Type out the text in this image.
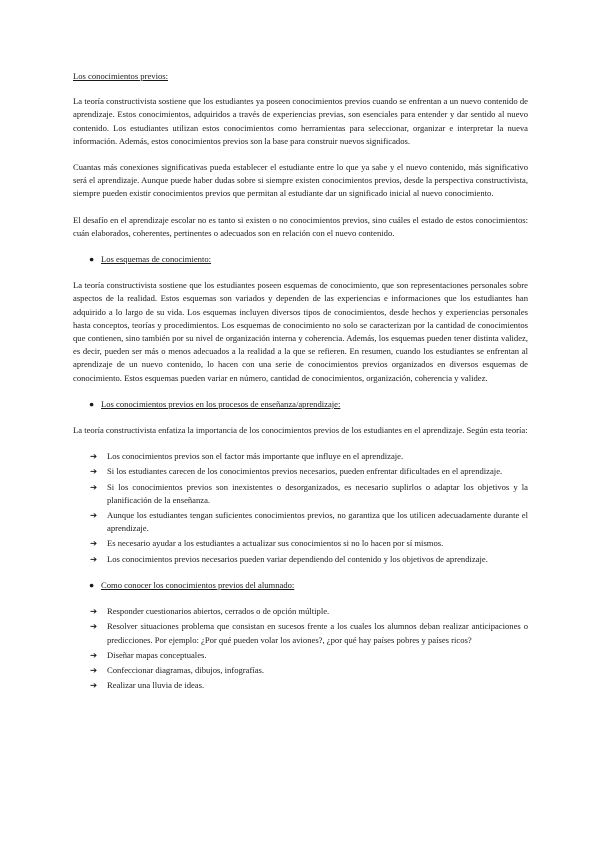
Los conocimientos previos:

La teoría constructivista sostiene que los estudiantes ya poseen conocimientos previos cuando se enfrentan a un nuevo contenido de aprendizaje. Estos conocimientos, adquiridos a través de experiencias previas, son esenciales para entender y dar sentido al nuevo contenido. Los estudiantes utilizan estos conocimientos como herramientas para seleccionar, organizar e interpretar la nueva información. Además, estos conocimientos previos son la base para construir nuevos significados.

Cuantas más conexiones significativas pueda establecer el estudiante entre lo que ya sabe y el nuevo contenido, más significativo será el aprendizaje. Aunque puede haber dudas sobre si siempre existen conocimientos previos, desde la perspectiva constructivista, siempre pueden existir conocimientos previos que permitan al estudiante dar un significado inicial al nuevo conocimiento.

El desafío en el aprendizaje escolar no es tanto si existen o no conocimientos previos, sino cuáles el estado de estos conocimientos: cuán elaborados, coherentes, pertinentes o adecuados son en relación con el nuevo contenido.

● Los esquemas de conocimiento:

La teoría constructivista sostiene que los estudiantes poseen esquemas de conocimiento, que son representaciones personales sobre aspectos de la realidad. Estos esquemas son variados y dependen de las experiencias e informaciones que los estudiantes han adquirido a lo largo de su vida. Los esquemas incluyen diversos tipos de conocimientos, desde hechos y experiencias personales hasta conceptos, teorías y procedimientos. Los esquemas de conocimiento no solo se caracterizan por la cantidad de conocimientos que contienen, sino también por su nivel de organización interna y coherencia. Además, los esquemas pueden tener distinta validez, es decir, pueden ser más o menos adecuados a la realidad a la que se refieren. En resumen, cuando los estudiantes se enfrentan al aprendizaje de un nuevo contenido, lo hacen con una serie de conocimientos previos organizados en diversos esquemas de conocimiento. Estos esquemas pueden variar en número, cantidad de conocimientos, organización, coherencia y validez.

● Los conocimientos previos en los procesos de enseñanza/aprendizaje:

La teoría constructivista enfatiza la importancia de los conocimientos previos de los estudiantes en el aprendizaje. Según esta teoría:

➔ Los conocimientos previos son el factor más importante que influye en el aprendizaje.
➔ Si los estudiantes carecen de los conocimientos previos necesarios, pueden enfrentar dificultades en el aprendizaje.
➔ Si los conocimientos previos son inexistentes o desorganizados, es necesario suplirlos o adaptar los objetivos y la planificación de la enseñanza.
➔ Aunque los estudiantes tengan suficientes conocimientos previos, no garantiza que los utilicen adecuadamente durante el aprendizaje.
➔ Es necesario ayudar a los estudiantes a actualizar sus conocimientos si no lo hacen por sí mismos.
➔ Los conocimientos previos necesarios pueden variar dependiendo del contenido y los objetivos de aprendizaje.
● Como conocer los conocimientos previos del alumnado:
➔ Responder cuestionarios abiertos, cerrados o de opción múltiple.
➔ Resolver situaciones problema que consistan en sucesos frente a los cuales los alumnos deban realizar anticipaciones o predicciones. Por ejemplo: ¿Por qué pueden volar los aviones?, ¿por qué hay países pobres y países ricos?
➔ Diseñar mapas conceptuales.
➔ Confeccionar diagramas, dibujos, infografías.
➔ Realizar una lluvia de ideas.
